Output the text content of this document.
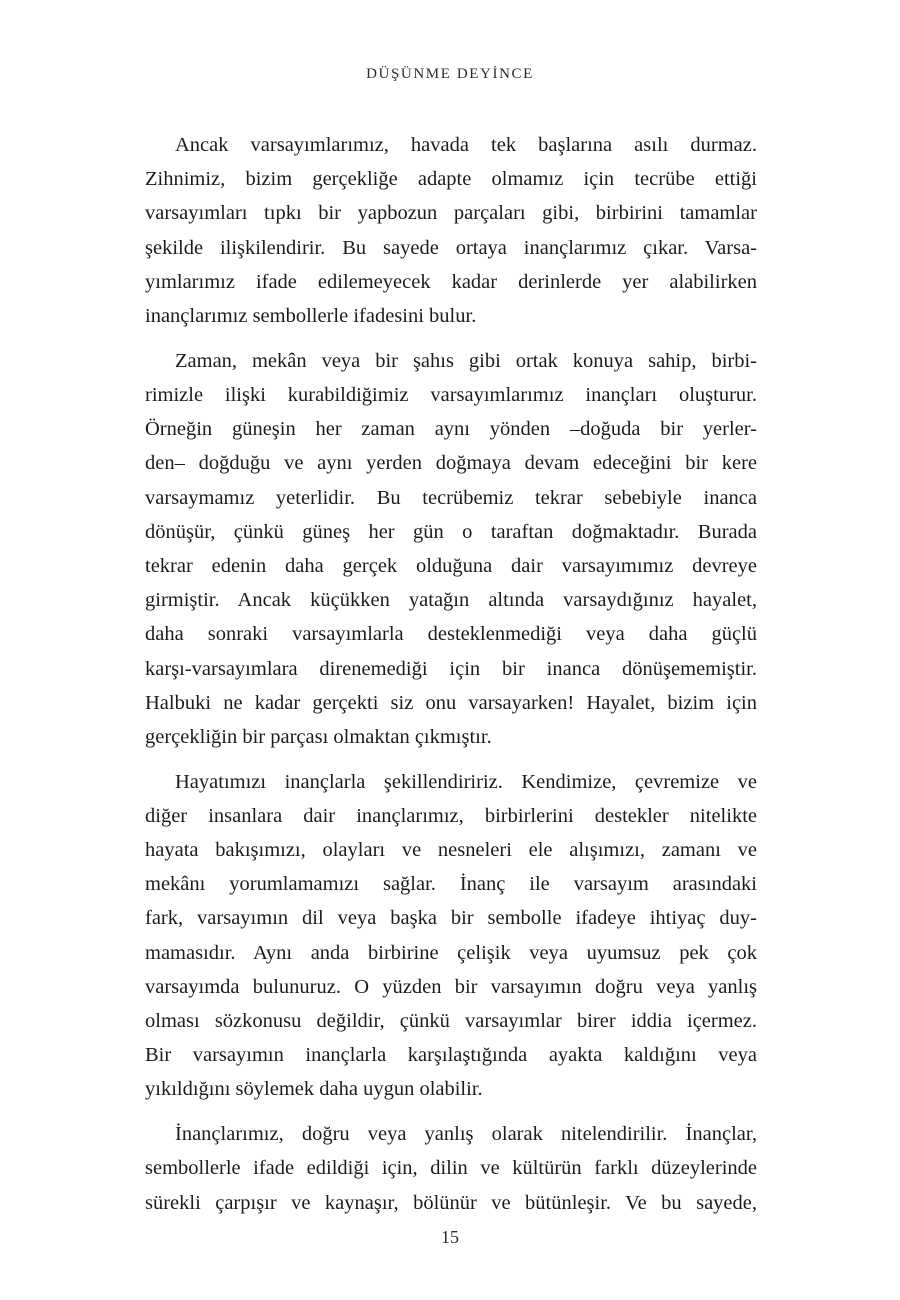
DÜŞÜNME DEYİNCE
Ancak varsayımlarımız, havada tek başlarına asılı durmaz.
Zihnimiz, bizim gerçekliğe adapte olmamız için tecrübe ettiği
varsayımları tıpkı bir yapbozun parçaları gibi, birbirini tamamlar
şekilde ilişkilendirir. Bu sayede ortaya inançlarımız çıkar. Varsa-
yımlarımız ifade edilemeyecek kadar derinlerde yer alabilirken
inançlarımız sembollerle ifadesini bulur.
Zaman, mekân veya bir şahıs gibi ortak konuya sahip, birbi-
rimizle ilişki kurabildiğimiz varsayımlarımız inançları oluşturur.
Örneğin güneşin her zaman aynı yönden –doğuda bir yerler-
den– doğduğu ve aynı yerden doğmaya devam edeceğini bir kere
varsaymamız yeterlidir. Bu tecrübemiz tekrar sebebiyle inanca
dönüşür, çünkü güneş her gün o taraftan doğmaktadır. Burada
tekrar edenin daha gerçek olduğuna dair varsayımımız devreye
girmiştir. Ancak küçükken yatağın altında varsaydığınız hayalet,
daha sonraki varsayımlarla desteklenmediği veya daha güçlü
karşı-varsayımlara direnemediği için bir inanca dönüşememiştir.
Halbuki ne kadar gerçekti siz onu varsayarken! Hayalet, bizim için
gerçekliğin bir parçası olmaktan çıkmıştır.
Hayatımızı inançlarla şekillendiririz. Kendimize, çevremize ve
diğer insanlara dair inançlarımız, birbirlerini destekler nitelikte
hayata bakışımızı, olayları ve nesneleri ele alışımızı, zamanı ve
mekânı yorumlamamızı sağlar. İnanç ile varsayım arasındaki
fark, varsayımın dil veya başka bir sembolle ifadeye ihtiyaç duy-
mamasıdır. Aynı anda birbirine çelişik veya uyumsuz pek çok
varsayımda bulunuruz. O yüzden bir varsayımın doğru veya yanlış
olması sözkonusu değildir, çünkü varsayımlar birer iddia içermez.
Bir varsayımın inançlarla karşılaştığında ayakta kaldığını veya
yıkıldığını söylemek daha uygun olabilir.
İnançlarımız, doğru veya yanlış olarak nitelendirilir. İnançlar,
sembollerle ifade edildiği için, dilin ve kültürün farklı düzeylerinde
sürekli çarpışır ve kaynaşır, bölünür ve bütünleşir. Ve bu sayede,
15
